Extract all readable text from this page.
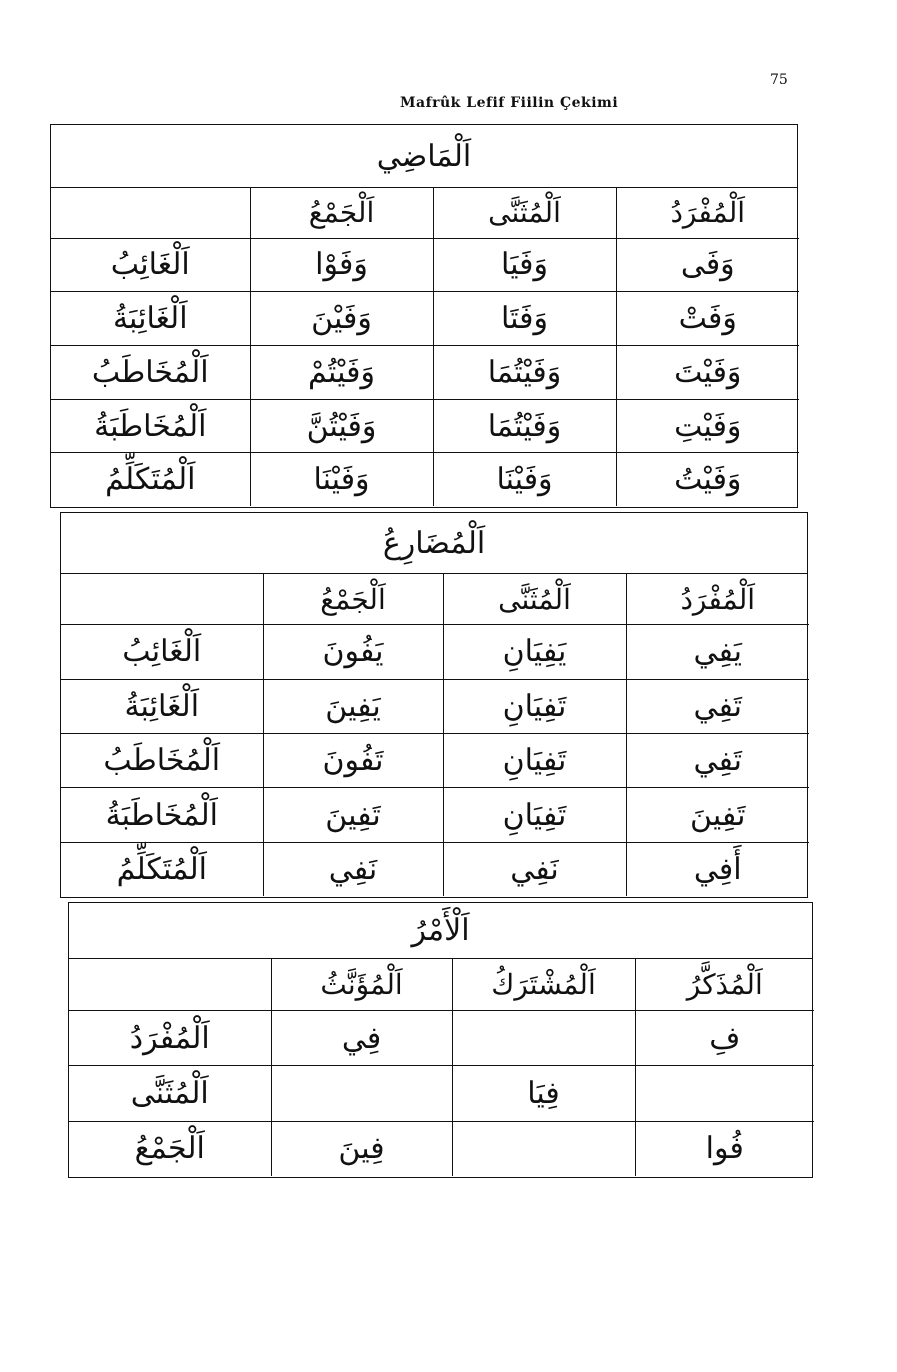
75
Mafrûk Lefif Fiilin Çekimi
اَلْمَاضِي
اَلْمُفْرَدُ	اَلْمُثَنَّى	اَلْجَمْعُ	
وَفَى	وَفَيَا	وَفَوْا	اَلْغَائِبُ
وَفَتْ	وَفَتَا	وَفَيْنَ	اَلْغَائِبَةُ
وَفَيْتَ	وَفَيْتُمَا	وَفَيْتُمْ	اَلْمُخَاطَبُ
وَفَيْتِ	وَفَيْتُمَا	وَفَيْتُنَّ	اَلْمُخَاطَبَةُ
وَفَيْتُ	وَفَيْنَا	وَفَيْنَا	اَلْمُتَكَلِّمُ
اَلْمُضَارِعُ
اَلْمُفْرَدُ	اَلْمُثَنَّى	اَلْجَمْعُ	
يَفِي	يَفِيَانِ	يَفُونَ	اَلْغَائِبُ
تَفِي	تَفِيَانِ	يَفِينَ	اَلْغَائِبَةُ
تَفِي	تَفِيَانِ	تَفُونَ	اَلْمُخَاطَبُ
تَفِينَ	تَفِيَانِ	تَفِينَ	اَلْمُخَاطَبَةُ
أَفِي	نَفِي	نَفِي	اَلْمُتَكَلِّمُ
اَلْأَمْرُ
اَلْمُذَكَّرُ	اَلْمُشْتَرَكُ	اَلْمُؤَنَّثُ	
فِ		فِي	اَلْمُفْرَدُ
	فِيَا		اَلْمُثَنَّى
فُوا		فِينَ	اَلْجَمْعُ
